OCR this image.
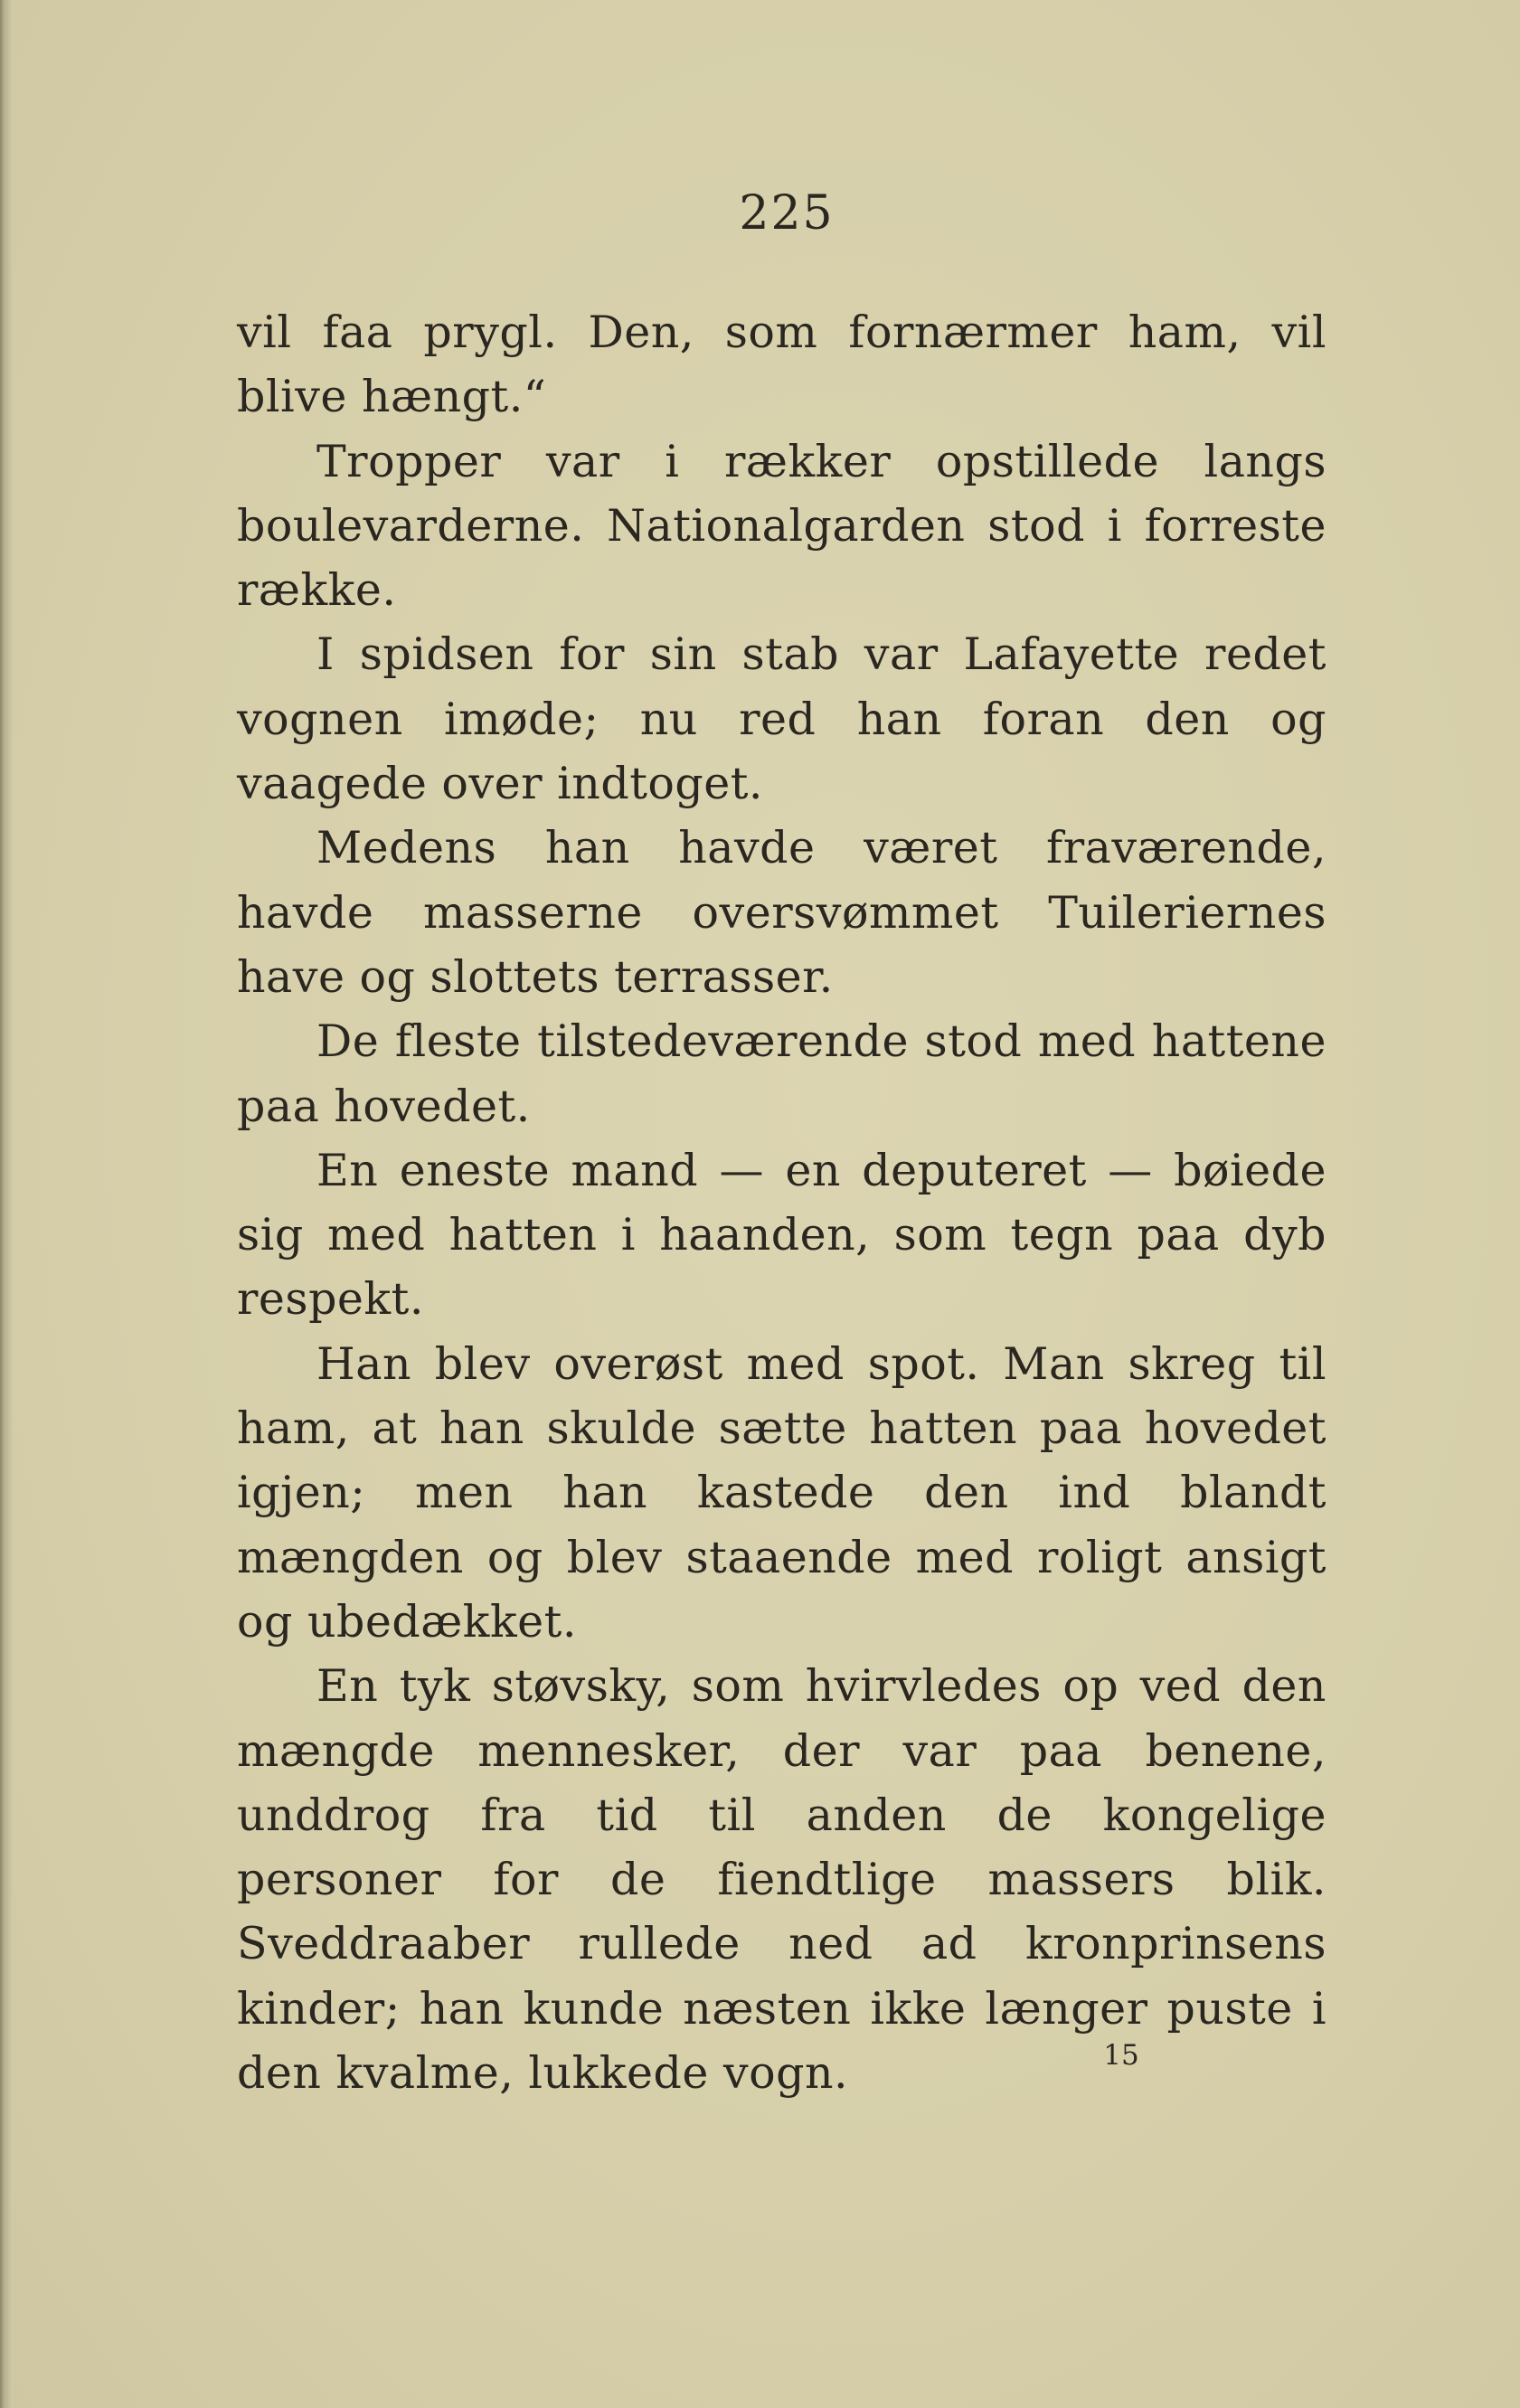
225

vil faa prygl. Den, som fornærmer ham, vil blive hængt.“

Tropper var i rækker opstillede langs boulevarderne. Nationalgarden stod i forreste række.

I spidsen for sin stab var Lafayette redet vognen imøde; nu red han foran den og vaagede over indtoget.

Medens han havde været fraværende, havde masserne oversvømmet Tuileriernes have og slottets terrasser.

De fleste tilstedeværende stod med hattene paa hovedet.

En eneste mand — en deputeret — bøiede sig med hatten i haanden, som tegn paa dyb respekt.

Han blev overøst med spot. Man skreg til ham, at han skulde sætte hatten paa hovedet igjen; men han kastede den ind blandt mængden og blev staaende med roligt ansigt og ubedækket.

En tyk støvsky, som hvirvledes op ved den mængde mennesker, der var paa benene, unddrog fra tid til anden de kongelige personer for de fiendtlige massers blik. Sveddraaber rullede ned ad kronprinsens kinder; han kunde næsten ikke længer puste i den kvalme, lukkede vogn.	15
